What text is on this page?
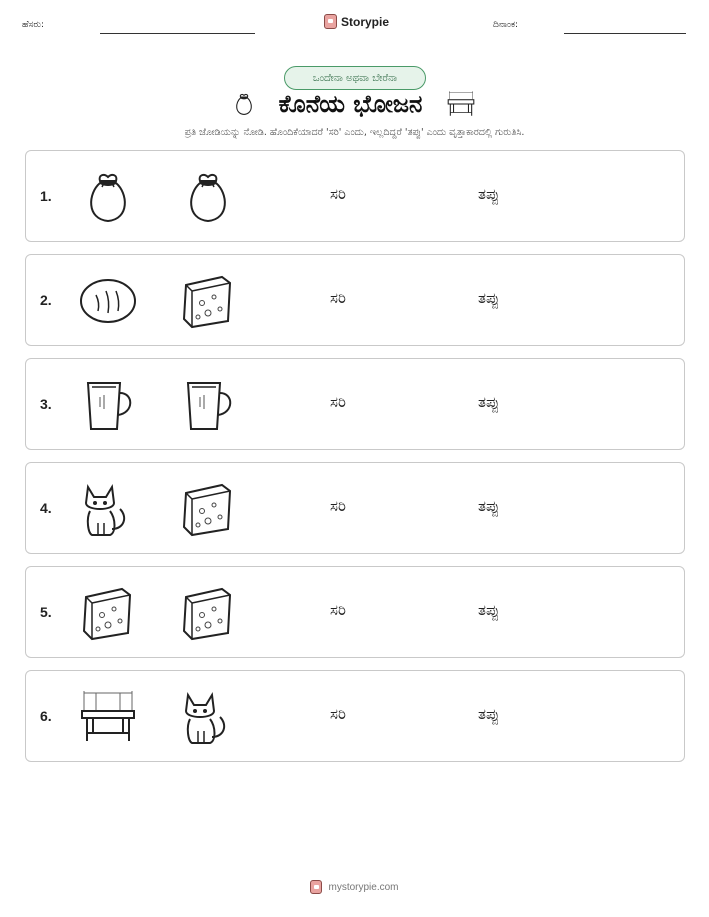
ಹೆಸರು:	Storypie	ದಿನಾಂಕ:
ಒಂದೇನಾ ಅಥವಾ ಬೇರೆನಾ
ಕೊನೆಯ ಭೋಜನ
ಪ್ರತಿ ಜೋಡಿಯನ್ನು ನೋಡಿ. ಹೊಂದಿಕೆಯಾದರೆ 'ಸರಿ' ಎಂದು, ಇಲ್ಲದಿದ್ದರೆ 'ತಪ್ಪು' ಎಂದು ವೃತ್ತಾಕಾರದಲ್ಲಿ ಗುರುತಿಸಿ.
1.	ಸರಿ	ತಪ್ಪು
2.	ಸರಿ	ತಪ್ಪು
3.	ಸರಿ	ತಪ್ಪು
4.	ಸರಿ	ತಪ್ಪು
5.	ಸರಿ	ತಪ್ಪು
6.	ಸರಿ	ತಪ್ಪು
mystorypie.com
